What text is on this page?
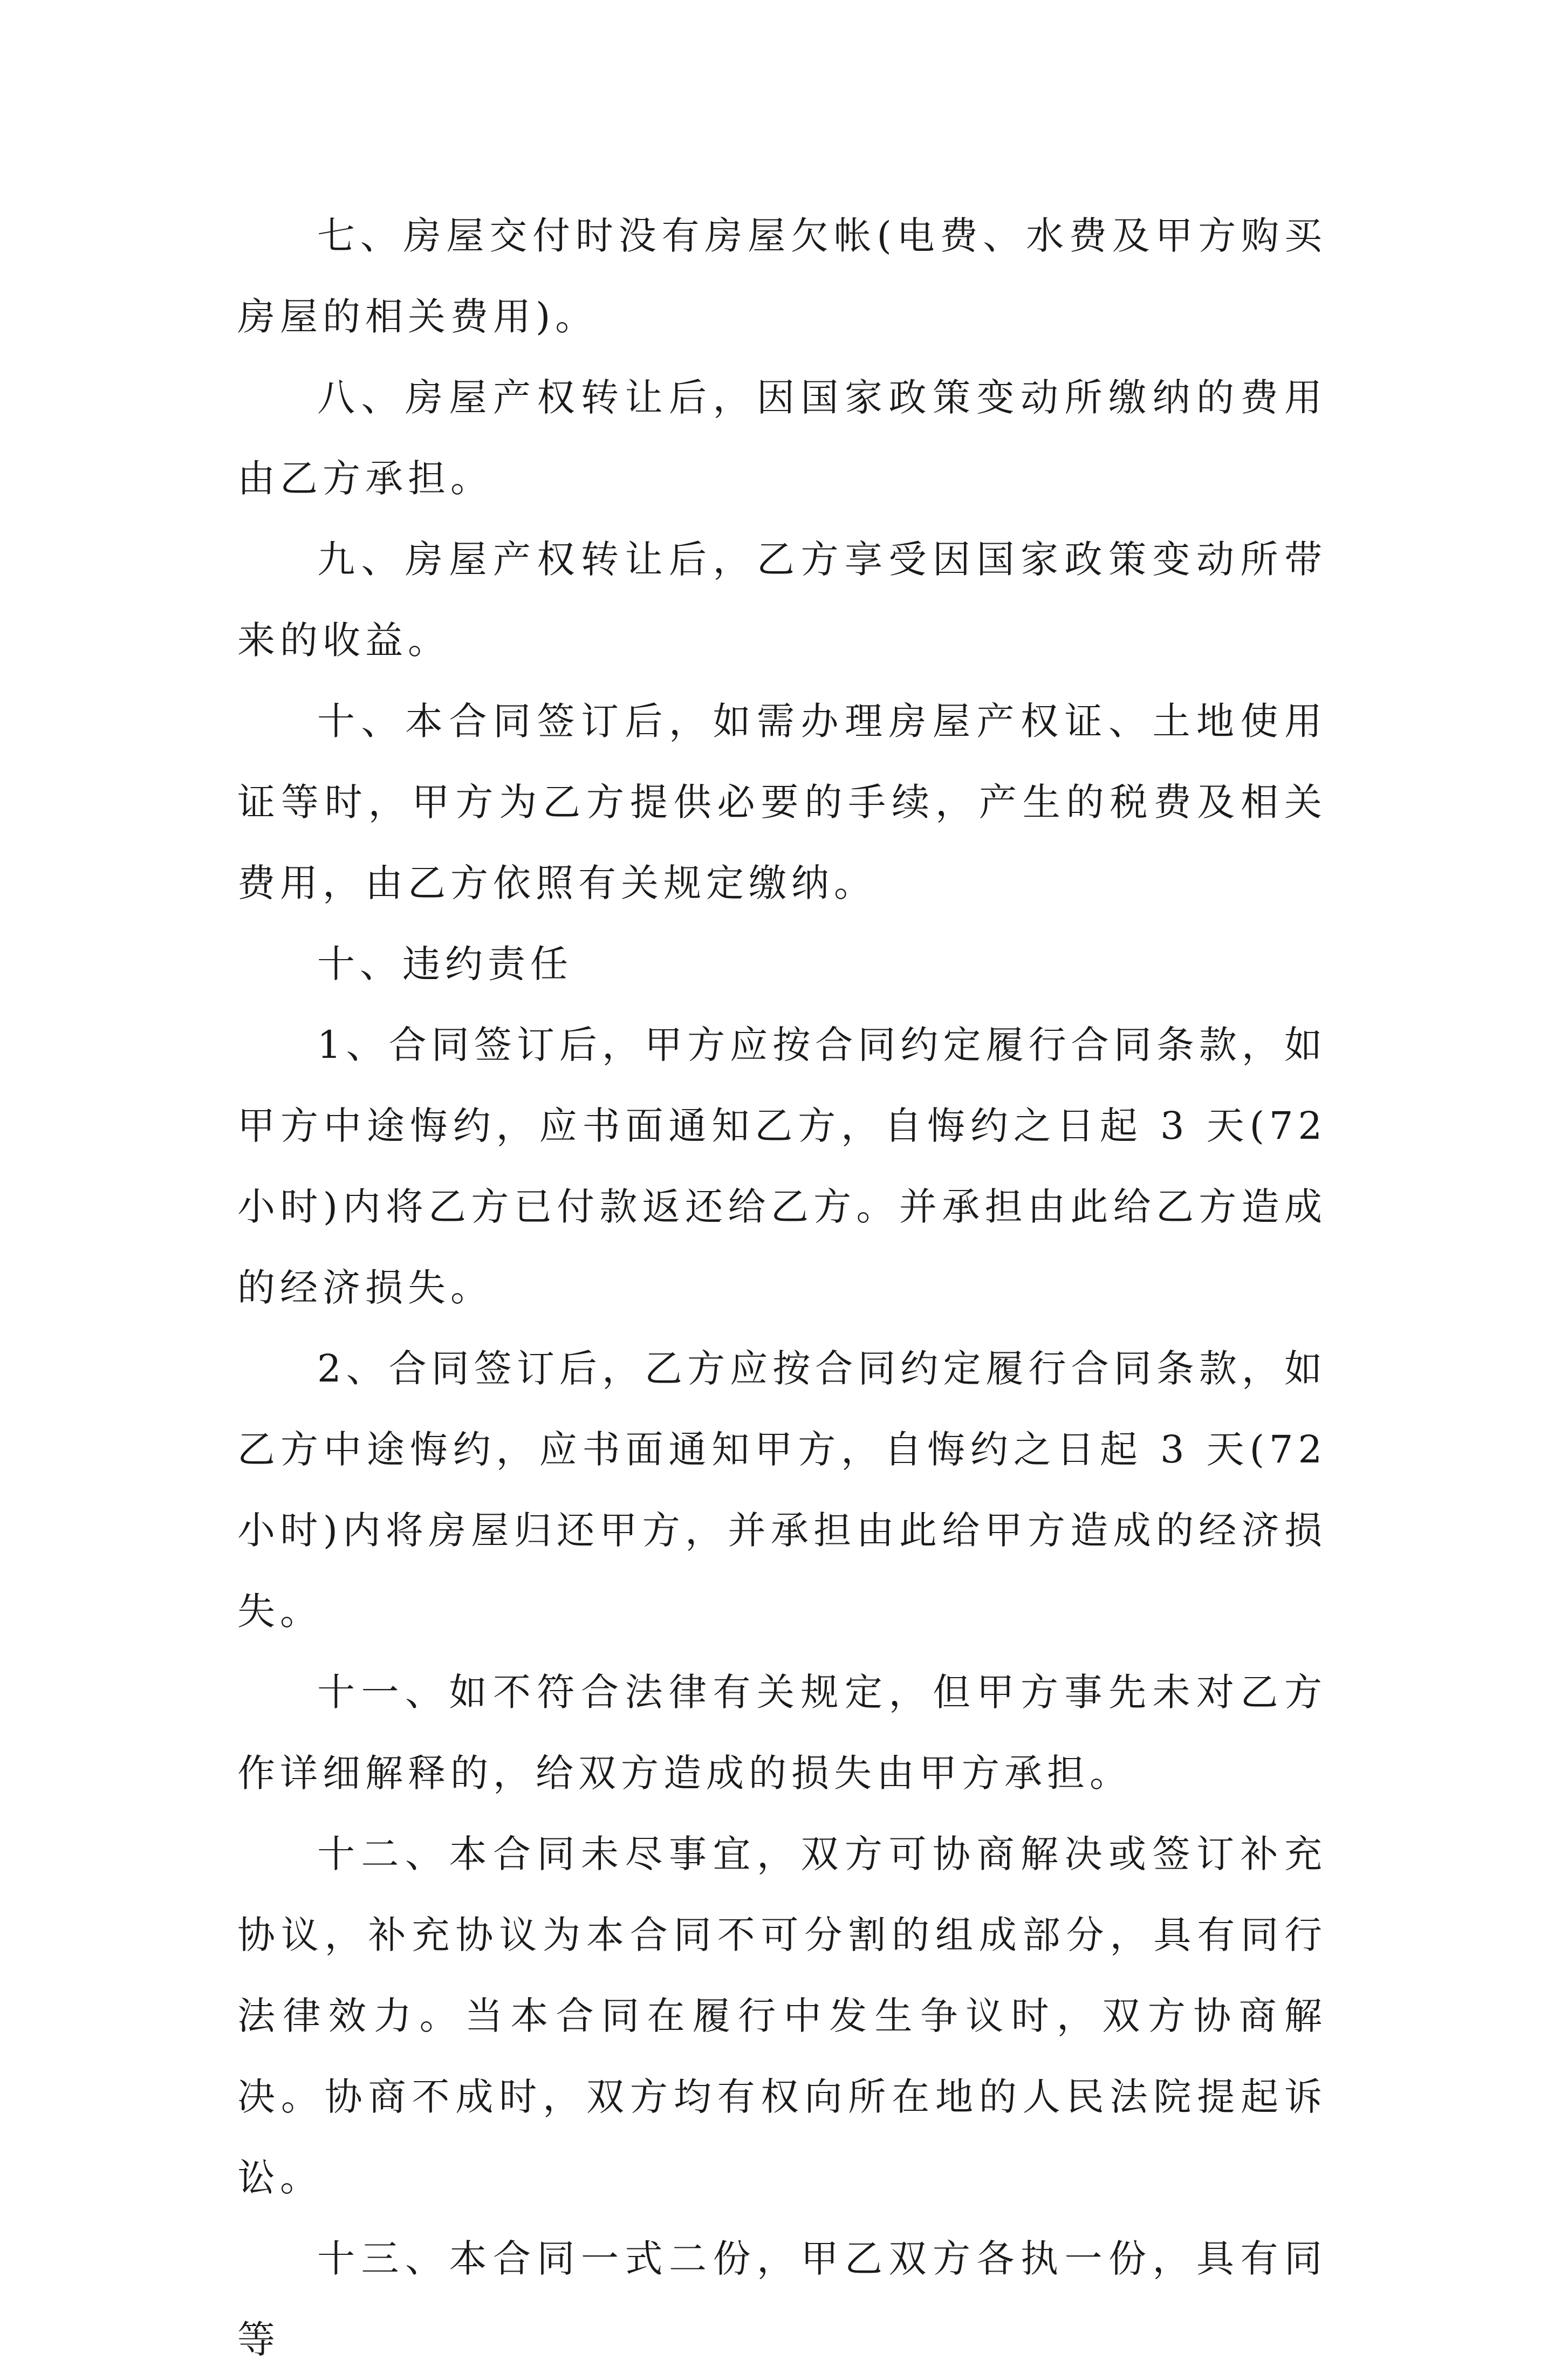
七、房屋交付时没有房屋欠帐(电费、水费及甲方购买房屋的相关费用)。

八、房屋产权转让后，因国家政策变动所缴纳的费用由乙方承担。

九、房屋产权转让后，乙方享受因国家政策变动所带来的收益。

十、本合同签订后，如需办理房屋产权证、土地使用证等时，甲方为乙方提供必要的手续，产生的税费及相关费用，由乙方依照有关规定缴纳。

十、违约责任

1、合同签订后，甲方应按合同约定履行合同条款，如甲方中途悔约，应书面通知乙方，自悔约之日起 3 天(72 小时)内将乙方已付款返还给乙方。并承担由此给乙方造成的经济损失。

2、合同签订后，乙方应按合同约定履行合同条款，如乙方中途悔约，应书面通知甲方，自悔约之日起 3 天(72 小时)内将房屋归还甲方，并承担由此给甲方造成的经济损失。

十一、如不符合法律有关规定，但甲方事先未对乙方作详细解释的，给双方造成的损失由甲方承担。

十二、本合同未尽事宜，双方可协商解决或签订补充协议，补充协议为本合同不可分割的组成部分，具有同行法律效力。当本合同在履行中发生争议时，双方协商解决。协商不成时，双方均有权向所在地的人民法院提起诉讼。

十三、本合同一式二份，甲乙双方各执一份，具有同等
